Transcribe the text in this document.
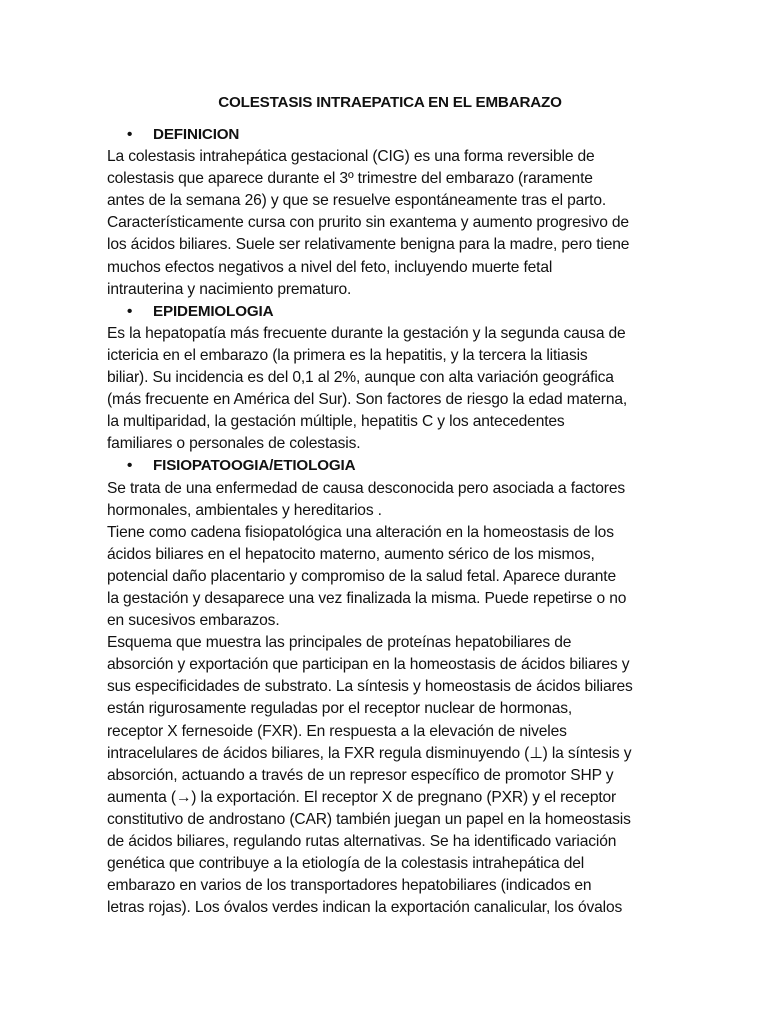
COLESTASIS INTRAEPATICA EN EL EMBARAZO
• DEFINICION

La colestasis intrahepática gestacional (CIG) es una forma reversible de
colestasis que aparece durante el 3º trimestre del embarazo (raramente
antes de la semana 26) y que se resuelve espontáneamente tras el parto.
Característicamente cursa con prurito sin exantema y aumento progresivo de
los ácidos biliares. Suele ser relativamente benigna para la madre, pero tiene
muchos efectos negativos a nivel del feto, incluyendo muerte fetal
intrauterina y nacimiento prematuro.

• EPIDEMIOLOGIA

Es la hepatopatía más frecuente durante la gestación y la segunda causa de
ictericia en el embarazo (la primera es la hepatitis, y la tercera la litiasis
biliar). Su incidencia es del 0,1 al 2%, aunque con alta variación geográfica
(más frecuente en América del Sur). Son factores de riesgo la edad materna,
la multiparidad, la gestación múltiple, hepatitis C y los antecedentes
familiares o personales de colestasis.

• FISIOPATOOGIA/ETIOLOGIA

Se trata de una enfermedad de causa desconocida pero asociada a factores
hormonales, ambientales y hereditarios .

Tiene como cadena fisiopatológica una alteración en la homeostasis de los
ácidos biliares en el hepatocito materno, aumento sérico de los mismos,
potencial daño placentario y compromiso de la salud fetal. Aparece durante
la gestación y desaparece una vez finalizada la misma. Puede repetirse o no
en sucesivos embarazos.

Esquema que muestra las principales de proteínas hepatobiliares de
absorción y exportación que participan en la homeostasis de ácidos biliares y
sus especificidades de substrato. La síntesis y homeostasis de ácidos biliares
están rigurosamente reguladas por el receptor nuclear de hormonas,
receptor X fernesoide (FXR). En respuesta a la elevación de niveles
intracelulares de ácidos biliares, la FXR regula disminuyendo (⊥) la síntesis y
absorción, actuando a través de un represor específico de promotor SHP y
aumenta (→) la exportación. El receptor X de pregnano (PXR) y el receptor
constitutivo de androstano (CAR) también juegan un papel en la homeostasis
de ácidos biliares, regulando rutas alternativas. Se ha identificado variación
genética que contribuye a la etiología de la colestasis intrahepática del
embarazo en varios de los transportadores hepatobiliares (indicados en
letras rojas). Los óvalos verdes indican la exportación canalicular, los óvalos
